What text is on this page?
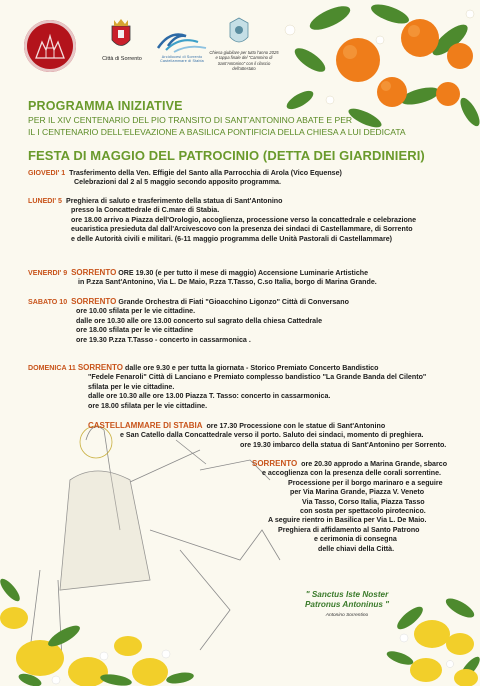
Città di Sorrento	Arcidiocesi di Sorrento Castellammare di Stabia
Chiesa giubilare per tutto l'anno 2025 e tappa finale del "Cammino di Sant'Antonino" con il rilascio dell'attestato
PROGRAMMA INIZIATIVE
PER IL XIV CENTENARIO DEL PIO TRANSITO DI SANT'ANTONINO ABATE E PER
IL I CENTENARIO DELL'ELEVAZIONE A BASILICA PONTIFICIA DELLA CHIESA A LUI DEDICATA
FESTA DI MAGGIO DEL PATROCINIO (DETTA DEI GIARDINIERI)
GIOVEDI' 1 Trasferimento della Ven. Effigie del Santo alla Parrocchia di Arola (Vico Equense)
Celebrazioni dal 2 al 5 maggio secondo apposito programma.
LUNEDI' 5 Preghiera di saluto e trasferimento della statua di Sant'Antonino
presso la Concattedrale di C.mare di Stabia.
ore 18.00 arrivo a Piazza dell'Orologio, accoglienza, processione verso la concattedrale e celebrazione
eucaristica presieduta dal dall'Arcivescovo con la presenza dei sindaci di Castellammare, di Sorrento
e delle Autorità civili e militari. (6-11 maggio programma delle Unità Pastorali di Castellammare)
VENERDI' 9 SORRENTO ORE 19.30 (e per tutto il mese di maggio) Accensione Luminarie Artistiche
in P.zza Sant'Antonino, Via L. De Maio, P.zza T.Tasso, C.so Italia, borgo di Marina Grande.
SABATO 10 SORRENTO Grande Orchestra di Fiati "Gioacchino Ligonzo" Città di Conversano
ore 10.00 sfilata per le vie cittadine.
dalle ore 10.30 alle ore 13.00 concerto sul sagrato della chiesa Cattedrale
ore 18.00 sfilata per le vie cittadine
ore 19.30 P.zza T.Tasso - concerto in cassarmonica .
DOMENICA 11 SORRENTO dalle ore 9.30 e per tutta la giornata - Storico Premiato Concerto Bandistico
"Fedele Fenaroli" Città di Lanciano e Premiato complesso bandistico "La Grande Banda del Cilento"
sfilata per le vie cittadine.
dalle ore 10.30 alle ore 13.00 Piazza T. Tasso: concerto in cassarmonica.
ore 18.00 sfilata per le vie cittadine.
CASTELLAMMARE DI STABIA ore 17.30 Processione con le statue di Sant'Antonino
e San Catello dalla Concattedrale verso il porto. Saluto dei sindaci, momento di preghiera.
ore 19.30 imbarco della statua di Sant'Antonino per Sorrento.
SORRENTO ore 20.30 approdo a Marina Grande, sbarco
e accoglienza con la presenza delle corali sorrentine.
Processione per il borgo marinaro e a seguire
per Via Marina Grande, Piazza V. Veneto
Via Tasso, Corso Italia, Piazza Tasso
con sosta per spettacolo pirotecnico.
A seguire rientro in Basilica per Via L. De Maio.
Preghiera di affidamento al Santo Patrono
e cerimonia di consegna
delle chiavi della Città.
" Sanctus Iste Noster
Patronus Antoninus "
Antonino Sorrentino
